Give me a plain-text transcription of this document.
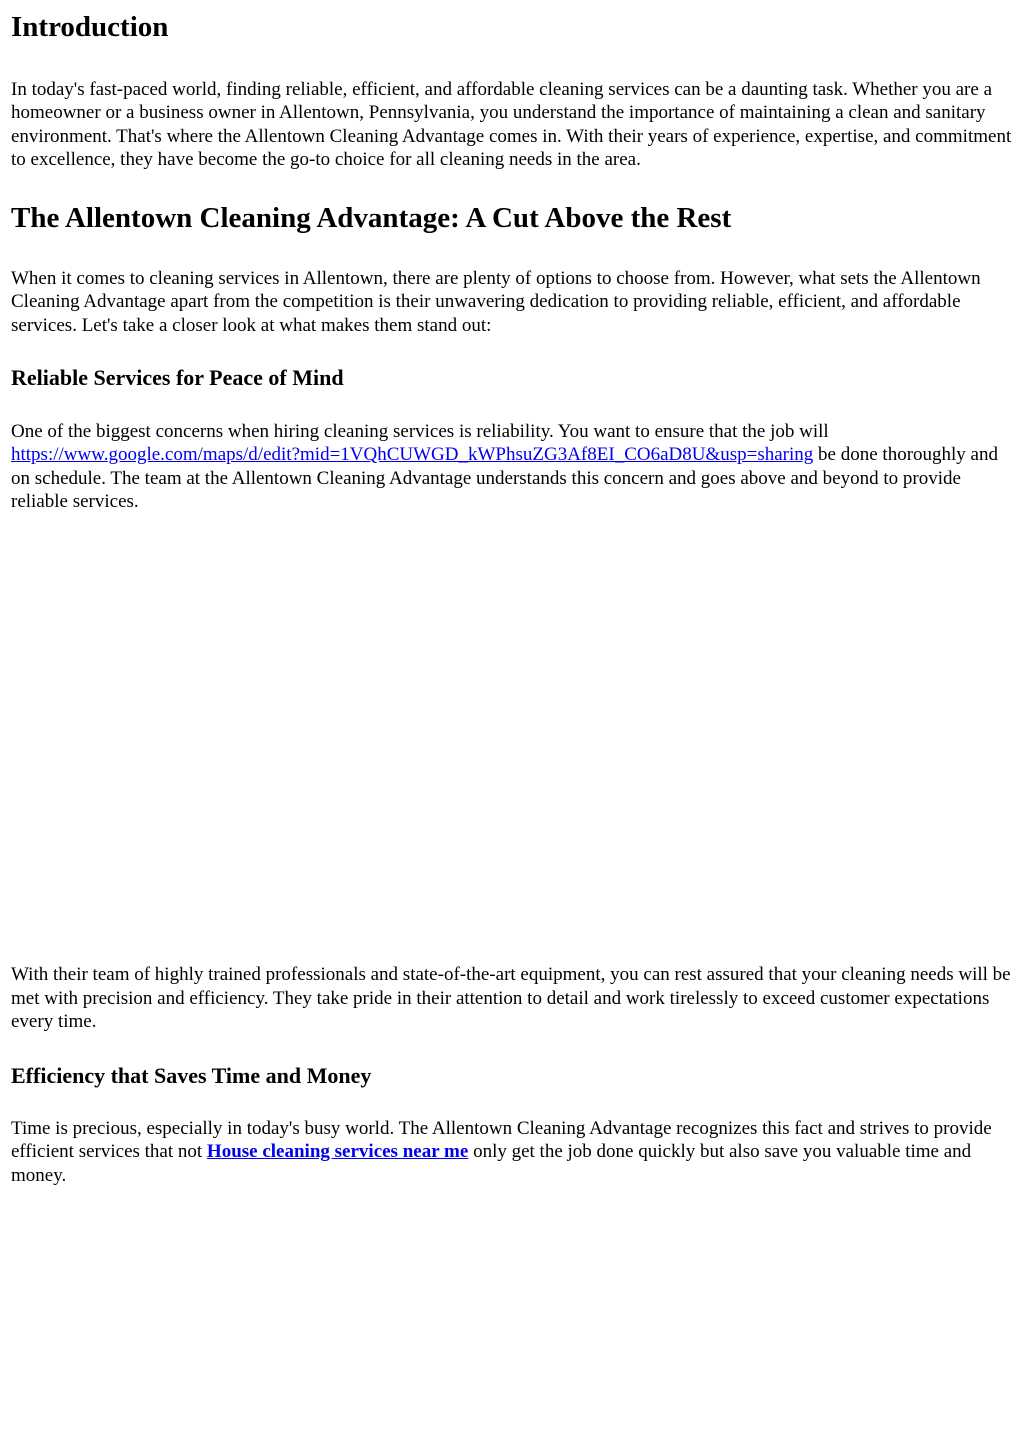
Introduction

In today's fast-paced world, finding reliable, efficient, and affordable cleaning services can be a daunting task. Whether you are a homeowner or a business owner in Allentown, Pennsylvania, you understand the importance of maintaining a clean and sanitary environment. That's where the Allentown Cleaning Advantage comes in. With their years of experience, expertise, and commitment to excellence, they have become the go-to choice for all cleaning needs in the area.

The Allentown Cleaning Advantage: A Cut Above the Rest

When it comes to cleaning services in Allentown, there are plenty of options to choose from. However, what sets the Allentown Cleaning Advantage apart from the competition is their unwavering dedication to providing reliable, efficient, and affordable services. Let's take a closer look at what makes them stand out:

Reliable Services for Peace of Mind

One of the biggest concerns when hiring cleaning services is reliability. You want to ensure that the job will https://www.google.com/maps/d/edit?mid=1VQhCUWGD_kWPhsuZG3Af8EI_CO6aD8U&usp=sharing be done thoroughly and on schedule. The team at the Allentown Cleaning Advantage understands this concern and goes above and beyond to provide reliable services.

With their team of highly trained professionals and state-of-the-art equipment, you can rest assured that your cleaning needs will be met with precision and efficiency. They take pride in their attention to detail and work tirelessly to exceed customer expectations every time.

Efficiency that Saves Time and Money

Time is precious, especially in today's busy world. The Allentown Cleaning Advantage recognizes this fact and strives to provide efficient services that not House cleaning services near me only get the job done quickly but also save you valuable time and money.
